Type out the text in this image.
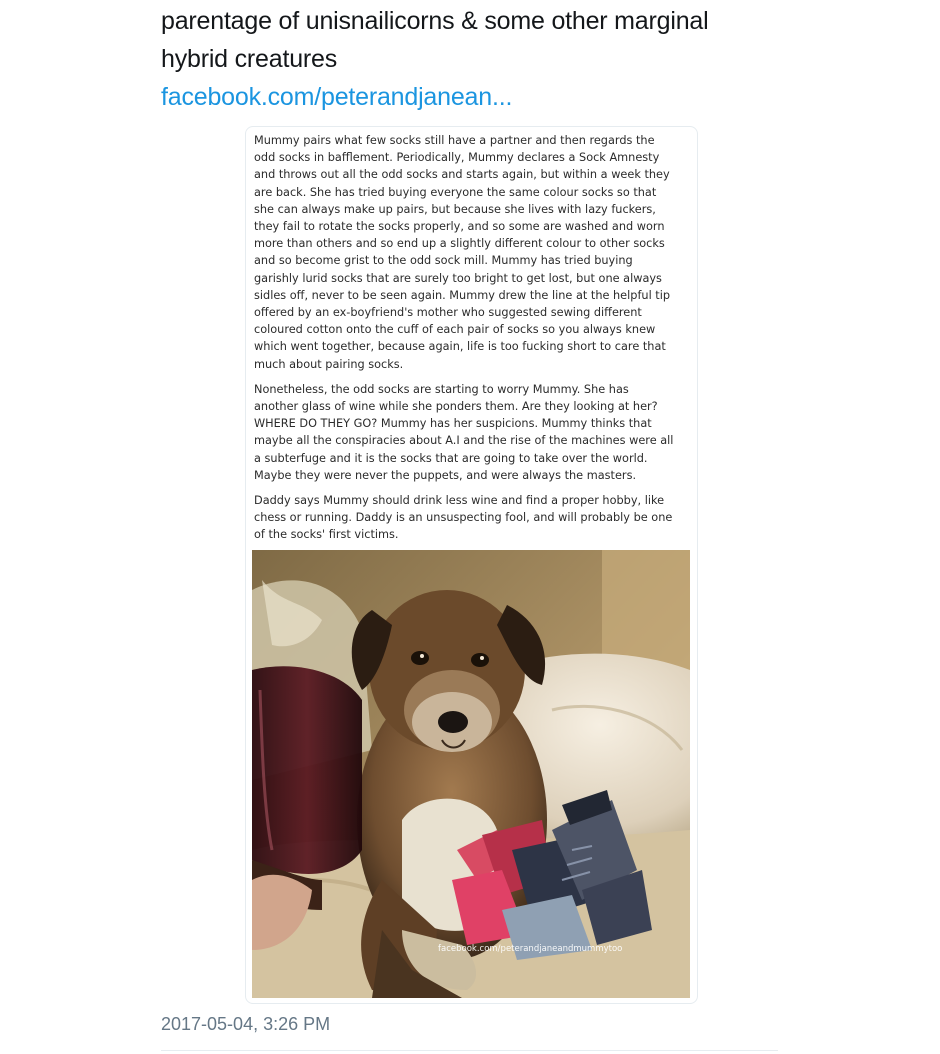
parentage of unisnailicorns & some other marginal
hybrid creatures
facebook.com/peterandjanean...

Mummy pairs what few socks still have a partner and then regards the
odd socks in bafflement. Periodically, Mummy declares a Sock Amnesty
and throws out all the odd socks and starts again, but within a week they
are back. She has tried buying everyone the same colour socks so that
she can always make up pairs, but because she lives with lazy fuckers,
they fail to rotate the socks properly, and so some are washed and worn
more than others and so end up a slightly different colour to other socks
and so become grist to the odd sock mill. Mummy has tried buying
garishly lurid socks that are surely too bright to get lost, but one always
sidles off, never to be seen again. Mummy drew the line at the helpful tip
offered by an ex-boyfriend's mother who suggested sewing different
coloured cotton onto the cuff of each pair of socks so you always knew
which went together, because again, life is too fucking short to care that
much about pairing socks.

Nonetheless, the odd socks are starting to worry Mummy. She has
another glass of wine while she ponders them. Are they looking at her?
WHERE DO THEY GO? Mummy has her suspicions. Mummy thinks that
maybe all the conspiracies about A.I and the rise of the machines were all
a subterfuge and it is the socks that are going to take over the world.
Maybe they were never the puppets, and were always the masters.

Daddy says Mummy should drink less wine and find a proper hobby, like
chess or running. Daddy is an unsuspecting fool, and will probably be one
of the socks' first victims.

facebook.com/peterandjaneandmummytoo
2017-05-04, 3:26 PM
